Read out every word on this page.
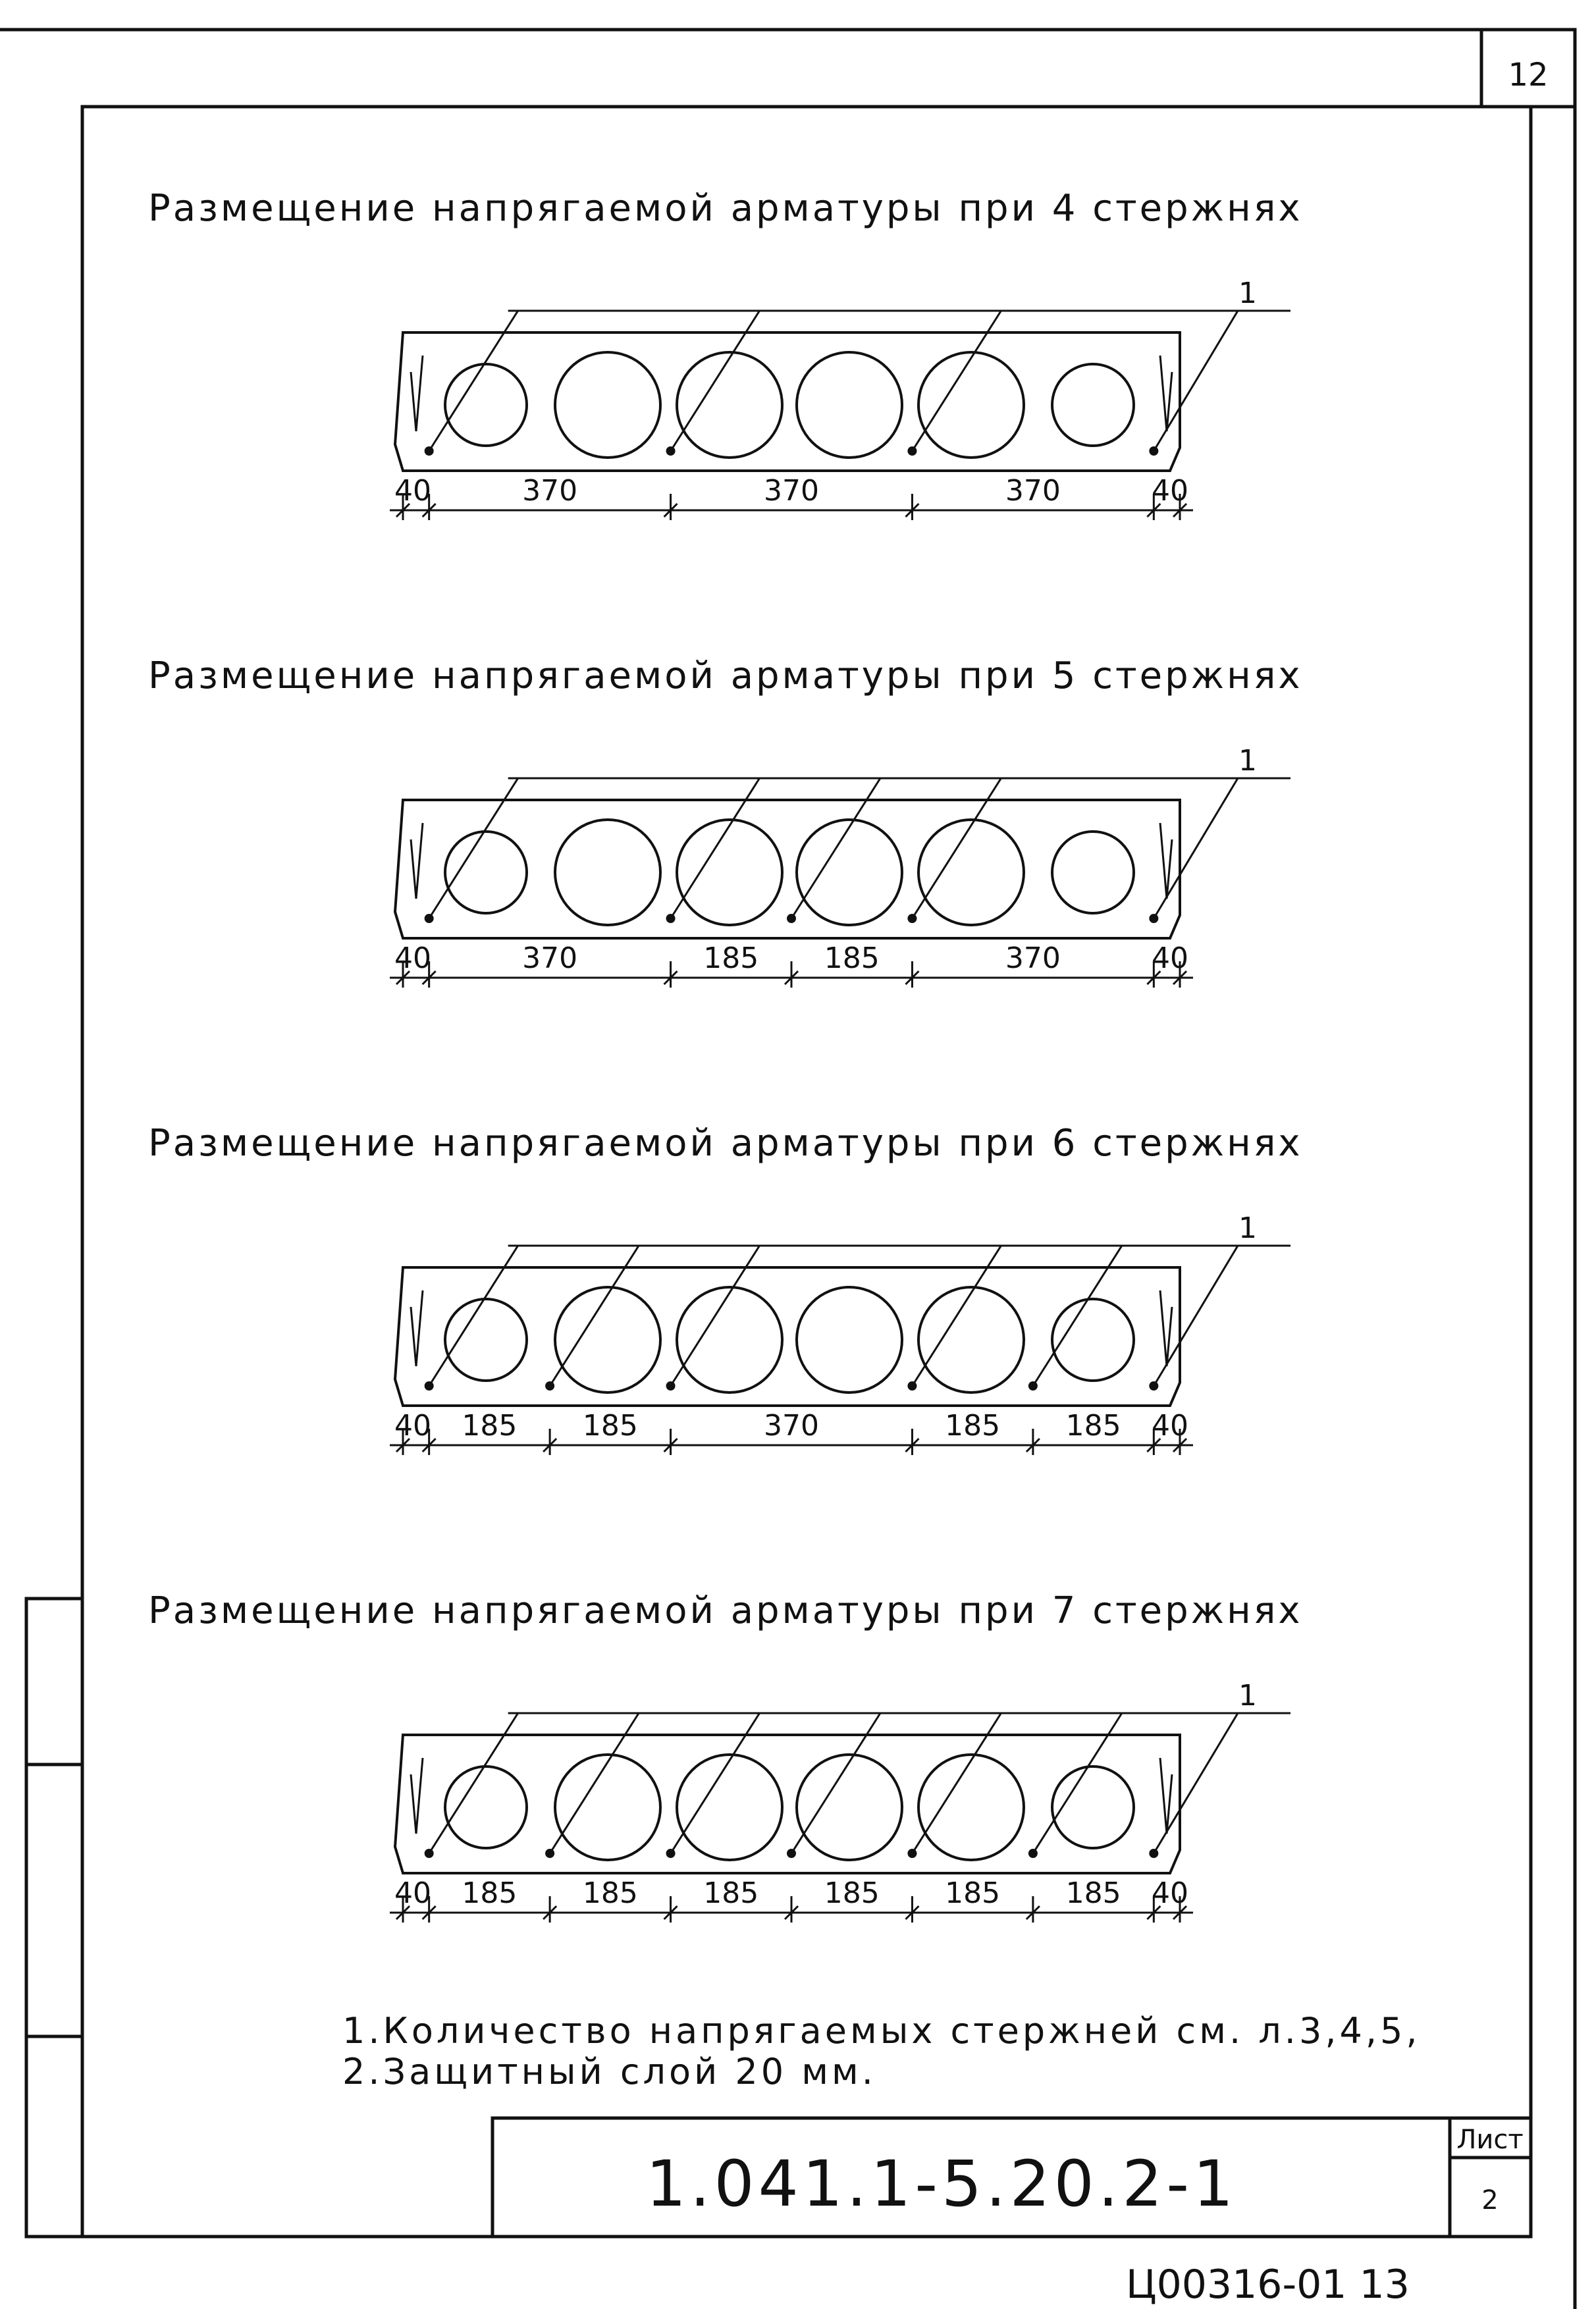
12
Размещение напрягаемой арматуры при 4 стержнях
1
40	370	370	370	40
Размещение напрягаемой арматуры при 5 стержнях
1
40	370	185 185	370	40
Размещение напрягаемой арматуры при 6 стержнях
1
40 185 185	370	185 185 40
Размещение напрягаемой арматуры при 7 стержнях
1
40 185 185 185 185 185 185 40
1.Количество напрягаемых стержней см. л.3,4,5,
2.Защитный слой 20 мм.
1.041.1-5.20.2-1
Лист
2
Ц00316-01 13
